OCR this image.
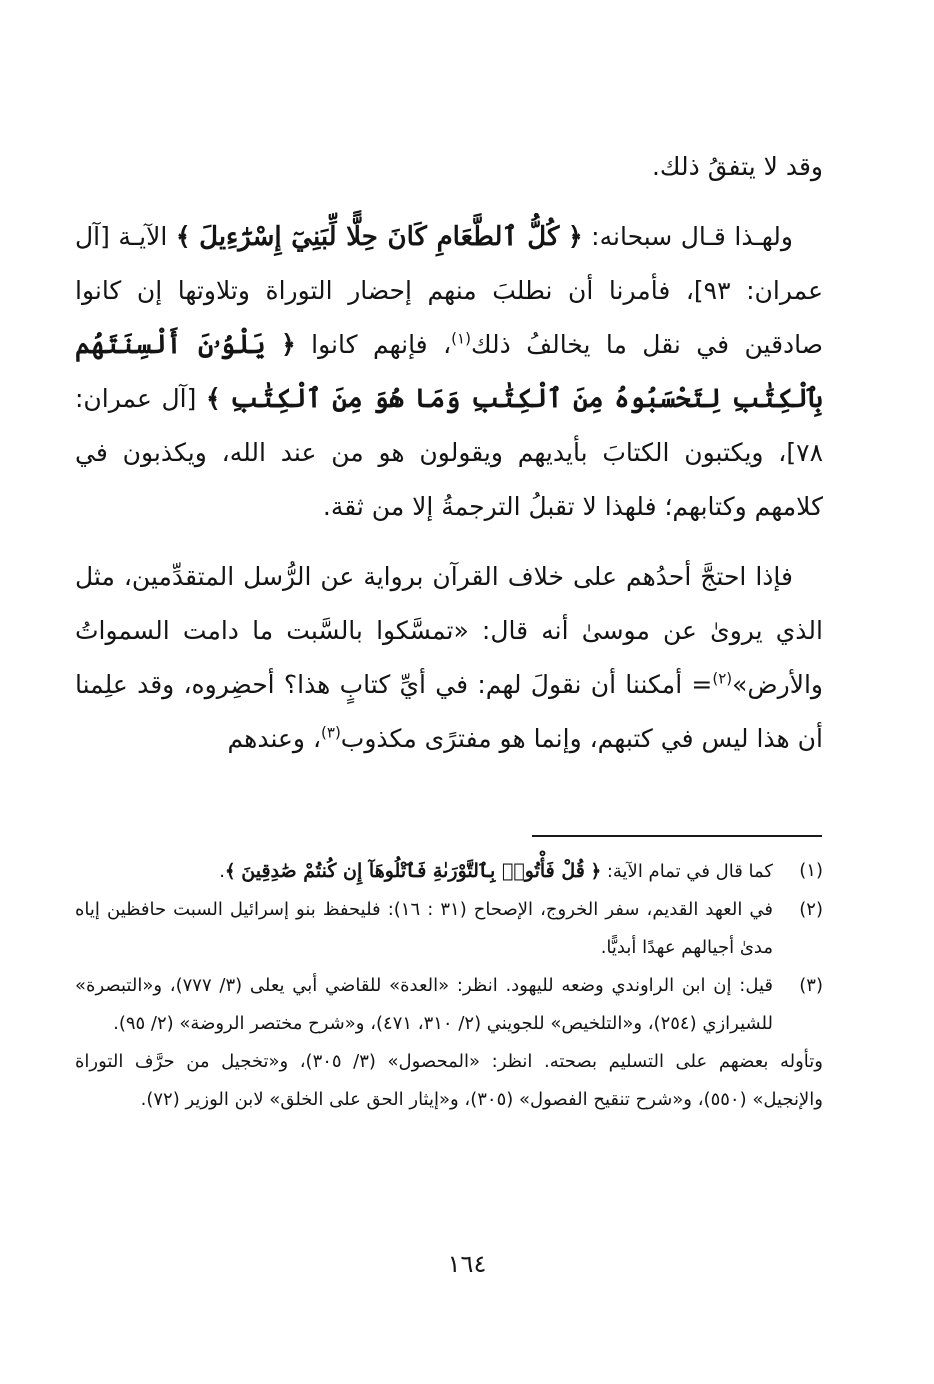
وقد لا يتفقُ ذلك.

ولهـذا قـال سبحانه: ﴿ كُلُّ ٱلطَّعَامِ كَانَ حِلًّا لِّبَنِيٓ إِسْرَٰٓءِيلَ ﴾ الآيـة [آل عمران: ٩٣]، فأمرنا أن نطلبَ منهم إحضار التوراة وتلاوتها إن كانوا صادقين في نقل ما يخالفُ ذلك$^{(١)}$، فإنهم كانوا ﴿ يَلْوُۥنَ أَلْسِنَتَهُم بِٱلْكِتَٰبِ لِتَحْسَبُوهُ مِنَ ٱلْكِتَٰبِ وَمَا هُوَ مِنَ ٱلْكِتَٰبِ ﴾ [آل عمران: ٧٨]، ويكتبون الكتابَ بأيديهم ويقولون هو من عند الله، ويكذبون في كلامهم وكتابهم؛ فلهذا لا تقبلُ الترجمةُ إلا من ثقة.

فإذا احتجَّ أحدُهم على خلاف القرآن برواية عن الرُّسل المتقدِّمين، مثل الذي يروىٰ عن موسىٰ أنه قال: «تمسَّكوا بالسَّبت ما دامت السمواتُ والأرض»$^{(٢)}$= أمكننا أن نقولَ لهم: في أيِّ كتابٍ هذا؟ أحضِروه، وقد علِمنا أن هذا ليس في كتبهم، وإنما هو مفترًى مكذوب$^{(٣)}$، وعندهم

(١)
كما قال في تمام الآية: ﴿ قُلْ فَأْتُوا۟ بِٱلتَّوْرَىٰةِ فَٱتْلُوهَآ إِن كُنتُمْ صَٰدِقِينَ ﴾.
(٢)
في العهد القديم، سفر الخروج، الإصحاح (٣١ : ١٦): فليحفظ بنو إسرائيل السبت حافظين إياه مدىٰ أجيالهم عهدًا أبديًّا.
(٣)
قيل: إن ابن الراوندي وضعه لليهود. انظر: «العدة» للقاضي أبي يعلى (٣/ ٧٧٧)، و«التبصرة» للشيرازي (٢٥٤)، و«التلخيص» للجويني (٢/ ٣١٠، ٤٧١)، و«شرح مختصر الروضة» (٢/ ٩٥).

وتأوله بعضهم على التسليم بصحته. انظر: «المحصول» (٣/ ٣٠٥)، و«تخجيل من حرَّف التوراة والإنجيل» (٥٥٠)، و«شرح تنقيح الفصول» (٣٠٥)، و«إيثار الحق على الخلق» لابن الوزير (٧٢).

١٦٤
